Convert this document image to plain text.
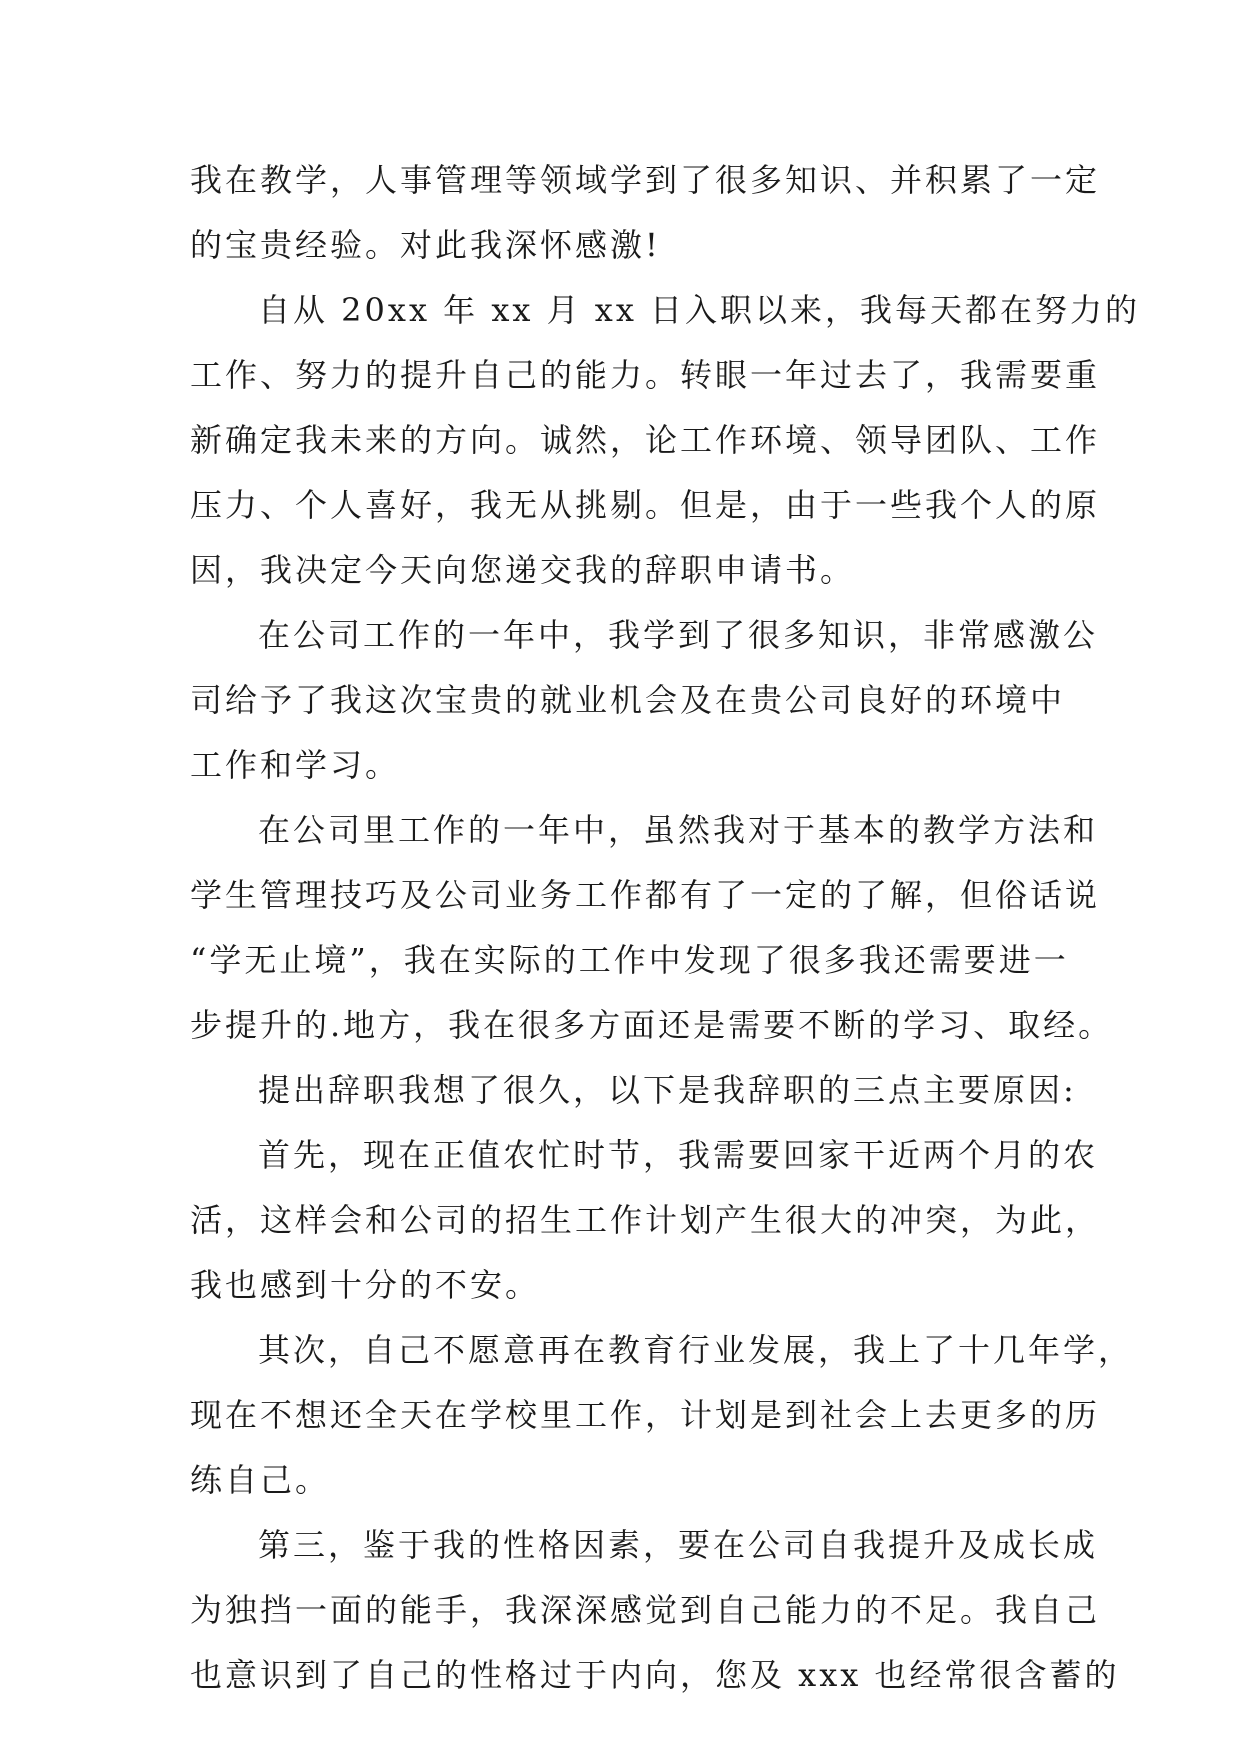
我在教学，人事管理等领域学到了很多知识、并积累了一定
的宝贵经验。对此我深怀感激!

自从 20xx 年 xx 月 xx 日入职以来，我每天都在努力的
工作、努力的提升自己的能力。转眼一年过去了，我需要重
新确定我未来的方向。诚然，论工作环境、领导团队、工作
压力、个人喜好，我无从挑剔。但是，由于一些我个人的原
因，我决定今天向您递交我的辞职申请书。

在公司工作的一年中，我学到了很多知识，非常感激公
司给予了我这次宝贵的就业机会及在贵公司良好的环境中
工作和学习。

在公司里工作的一年中，虽然我对于基本的教学方法和
学生管理技巧及公司业务工作都有了一定的了解，但俗话说
“学无止境”，我在实际的工作中发现了很多我还需要进一
步提升的.地方，我在很多方面还是需要不断的学习、取经。

提出辞职我想了很久，以下是我辞职的三点主要原因:

首先，现在正值农忙时节，我需要回家干近两个月的农
活，这样会和公司的招生工作计划产生很大的冲突，为此，
我也感到十分的不安。

其次，自己不愿意再在教育行业发展，我上了十几年学，
现在不想还全天在学校里工作，计划是到社会上去更多的历
练自己。

第三，鉴于我的性格因素，要在公司自我提升及成长成
为独挡一面的能手，我深深感觉到自己能力的不足。我自己
也意识到了自己的性格过于内向，您及 xxx 也经常很含蓄的
